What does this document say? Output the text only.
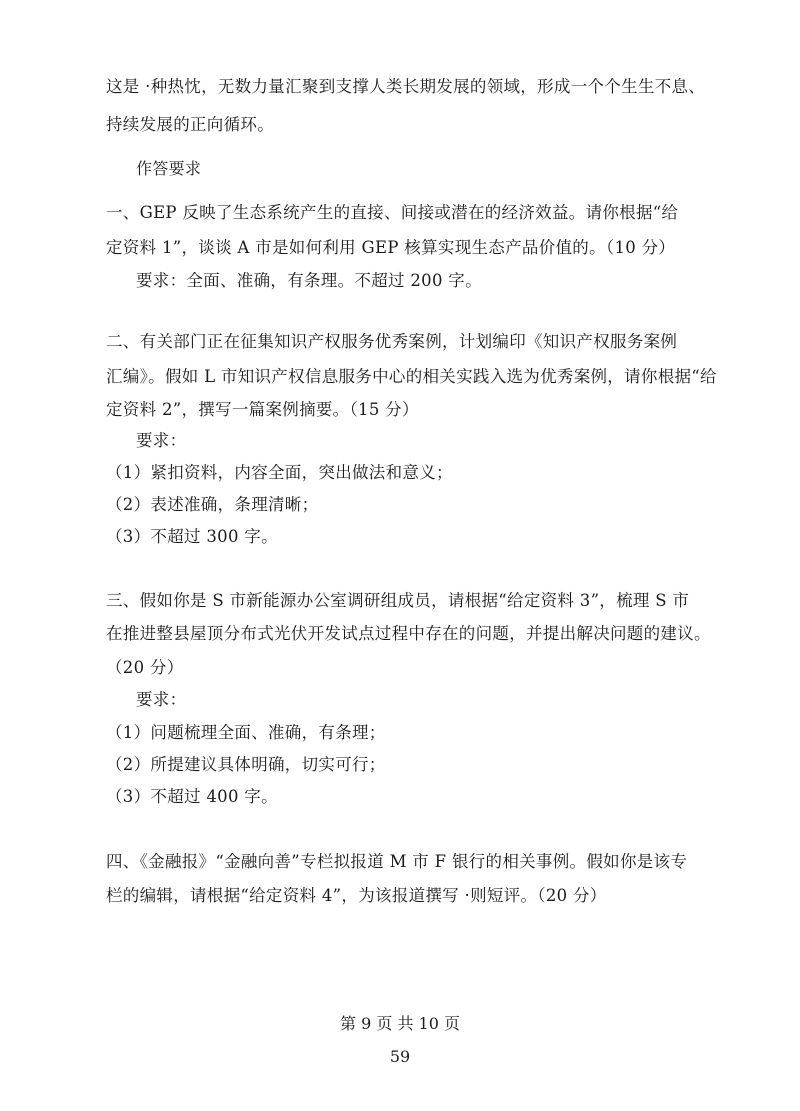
这是 ·种热忱，无数力量汇聚到支撑人类长期发展的领域，形成一个个生生不息、
持续发展的正向循环。
作答要求
一、GEP 反映了生态系统产生的直接、间接或潜在的经济效益。请你根据“给
定资料 1”，谈谈 A 市是如何利用 GEP 核算实现生态产品价值的。（10 分）
要求：全面、准确，有条理。不超过 200 字。
二、有关部门正在征集知识产权服务优秀案例，计划编印《知识产权服务案例
汇编》。假如 L 市知识产权信息服务中心的相关实践入选为优秀案例，请你根据“给
定资料 2”，撰写一篇案例摘要。（15 分）
要求：
（1）紧扣资料，内容全面，突出做法和意义；
（2）表述准确，条理清晰；
（3）不超过 300 字。
三、假如你是 S 市新能源办公室调研组成员，请根据“给定资料 3”，梳理 S 市
在推进整县屋顶分布式光伏开发试点过程中存在的问题，并提出解决问题的建议。
（20 分）
要求：
（1）问题梳理全面、准确，有条理；
（2）所提建议具体明确，切实可行；
（3）不超过 400 字。
四、《金融报》“金融向善”专栏拟报道 M 市 F 银行的相关事例。假如你是该专
栏的编辑，请根据“给定资料 4”，为该报道撰写 ·则短评。（20 分）
第 9 页 共 10 页
59
